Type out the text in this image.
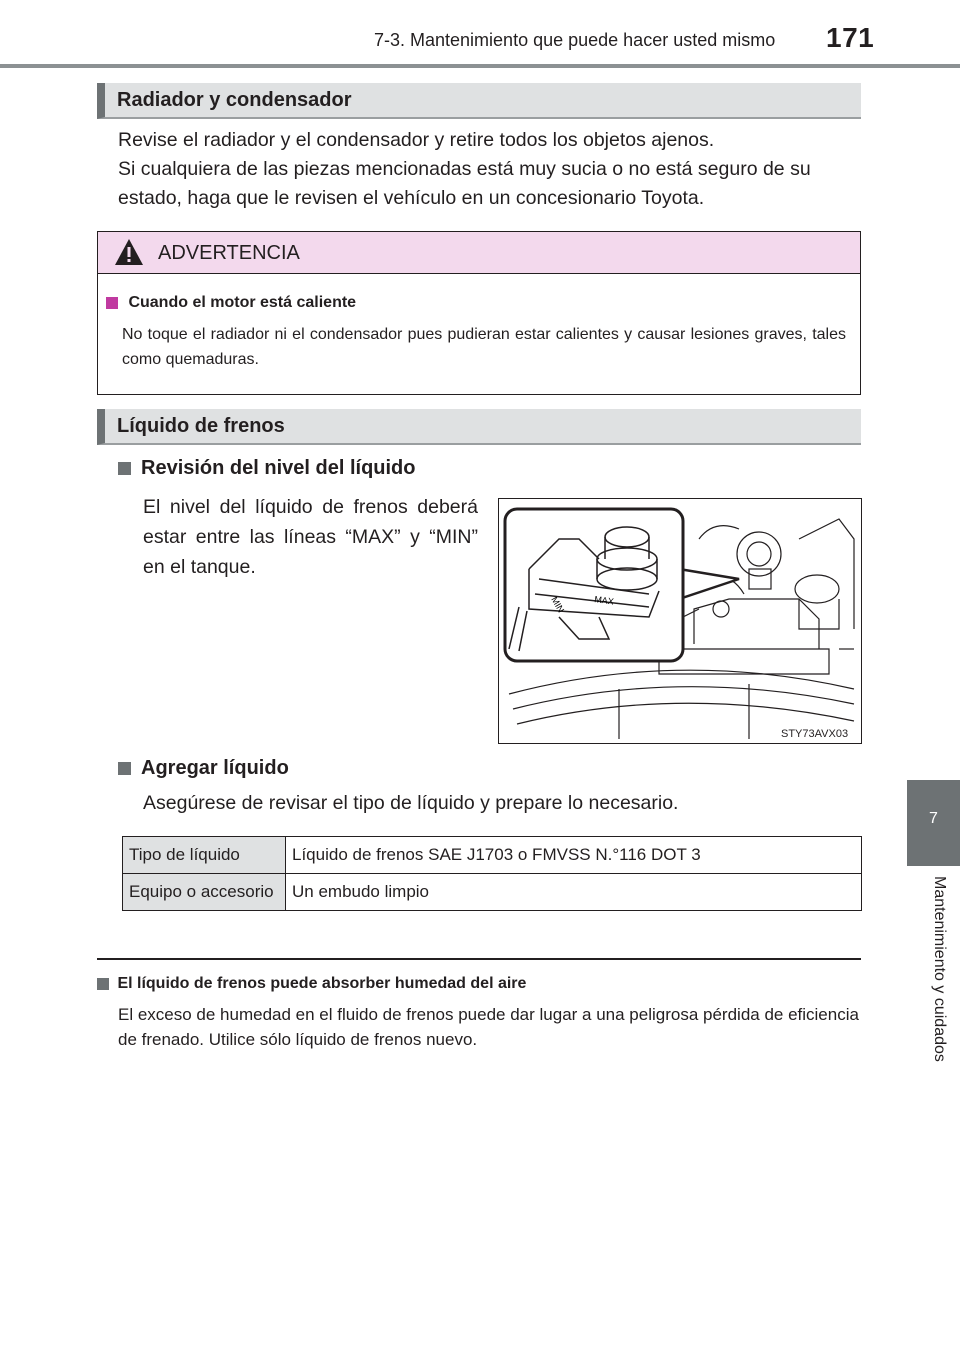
7-3. Mantenimiento que puede hacer usted mismo 171
Radiador y condensador
Revise el radiador y el condensador y retire todos los objetos ajenos.
Si cualquiera de las piezas mencionadas está muy sucia o no está seguro de su estado, haga que le revisen el vehículo en un concesionario Toyota.
ADVERTENCIA
Cuando el motor está caliente
No toque el radiador ni el condensador pues pudieran estar calientes y causar lesiones graves, tales como quemaduras.
Líquido de frenos
Revisión del nivel del líquido
El nivel del líquido de frenos deberá estar entre las líneas “MAX” y “MIN” en el tanque.
MAX
MIN
STY73AVX03
Agregar líquido
Asegúrese de revisar el tipo de líquido y prepare lo necesario.
Tipo de líquido	Líquido de frenos SAE J1703 o FMVSS N.°116 DOT 3
Equipo o accesorio	Un embudo limpio
El líquido de frenos puede absorber humedad del aire
El exceso de humedad en el fluido de frenos puede dar lugar a una peligrosa pérdida de eficiencia de frenado. Utilice sólo líquido de frenos nuevo.
7
Mantenimiento y cuidados
